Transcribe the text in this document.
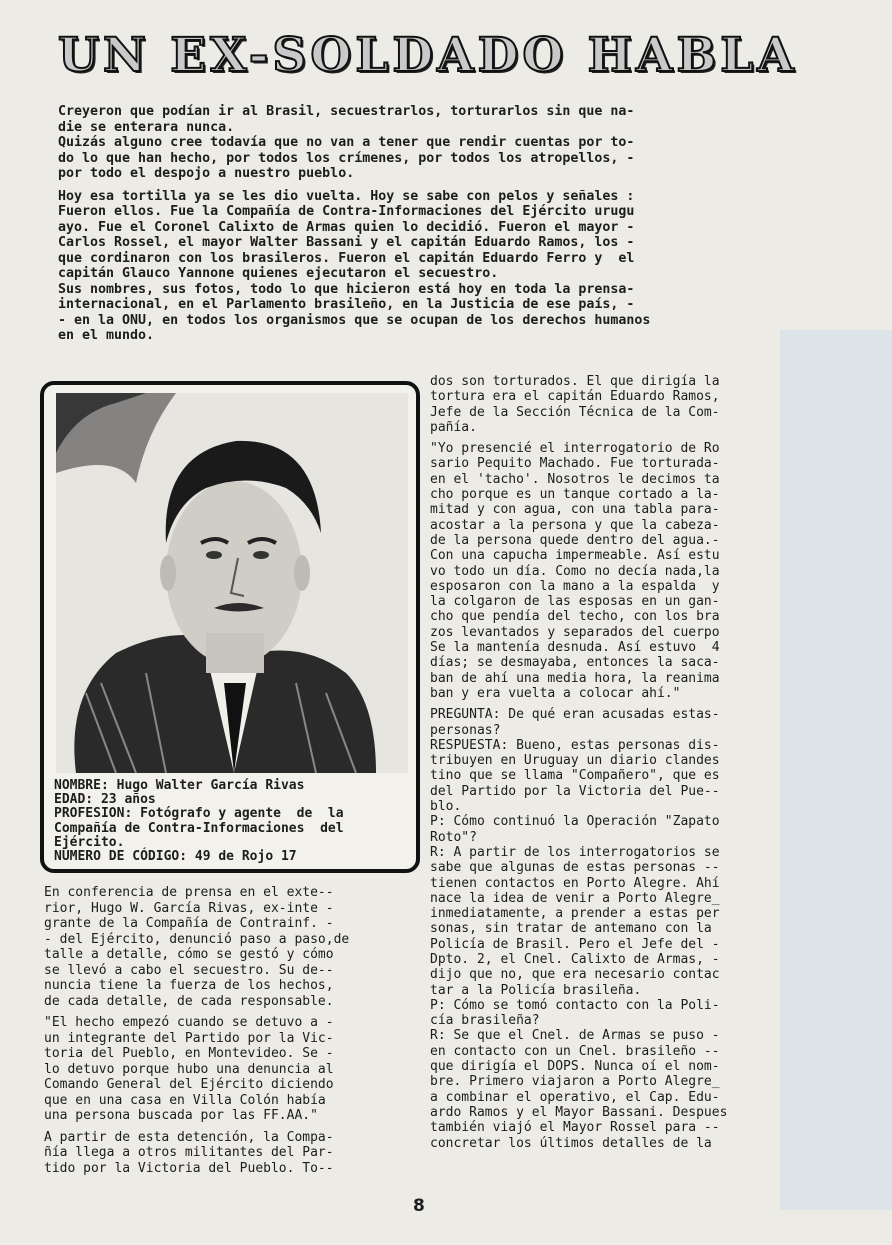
UN EX-SOLDADO HABLA

Creyeron que podían ir al Brasil, secuestrarlos, torturarlos sin que na-
die se enterara nunca.
Quizás alguno cree todavía que no van a tener que rendir cuentas por to-
do lo que han hecho, por todos los crímenes, por todos los atropellos, -
por todo el despojo a nuestro pueblo.

Hoy esa tortilla ya se les dio vuelta. Hoy se sabe con pelos y señales :
Fueron ellos. Fue la Compañía de Contra-Informaciones del Ejército urugu
ayo. Fue el Coronel Calixto de Armas quien lo decidió. Fueron el mayor -
Carlos Rossel, el mayor Walter Bassani y el capitán Eduardo Ramos, los -
que cordinaron con los brasileros. Fueron el capitán Eduardo Ferro y  el
capitán Glauco Yannone quienes ejecutaron el secuestro.
Sus nombres, sus fotos, todo lo que hicieron está hoy en toda la prensa-
internacional, en el Parlamento brasileño, en la Justicia de ese país, -
- en la ONU, en todos los organismos que se ocupan de los derechos humanos
en el mundo.

NOMBRE: Hugo Walter García Rivas
EDAD: 23 años
PROFESION: Fotógrafo y agente  de  la
Compañía de Contra-Informaciones  del
Ejército.
NÚMERO DE CÓDIGO: 49 de Rojo 17

En conferencia de prensa en el exte--
rior, Hugo W. García Rivas, ex-inte -
grante de la Compañía de Contrainf. -
- del Ejército, denunció paso a paso,de
talle a detalle, cómo se gestó y cómo
se llevó a cabo el secuestro. Su de--
nuncia tiene la fuerza de los hechos,
de cada detalle, de cada responsable.

"El hecho empezó cuando se detuvo a -
un integrante del Partido por la Vic-
toria del Pueblo, en Montevideo. Se -
lo detuvo porque hubo una denuncia al
Comando General del Ejército diciendo
que en una casa en Villa Colón había
una persona buscada por las FF.AA."

A partir de esta detención, la Compa-
ñía llega a otros militantes del Par-
tido por la Victoria del Pueblo. To--

dos son torturados. El que dirigía la
tortura era el capitán Eduardo Ramos,
Jefe de la Sección Técnica de la Com-
pañía.

"Yo presencié el interrogatorio de Ro
sario Pequito Machado. Fue torturada-
en el 'tacho'. Nosotros le decimos ta
cho porque es un tanque cortado a la-
mitad y con agua, con una tabla para-
acostar a la persona y que la cabeza-
de la persona quede dentro del agua.-
Con una capucha impermeable. Así estu
vo todo un día. Como no decía nada,la
esposaron con la mano a la espalda  y
la colgaron de las esposas en un gan-
cho que pendía del techo, con los bra
zos levantados y separados del cuerpo
Se la mantenía desnuda. Así estuvo  4
días; se desmayaba, entonces la saca-
ban de ahí una media hora, la reanima
ban y era vuelta a colocar ahí."

PREGUNTA: De qué eran acusadas estas-
personas?
RESPUESTA: Bueno, estas personas dis-
tribuyen en Uruguay un diario clandes
tino que se llama "Compañero", que es
del Partido por la Victoria del Pue--
blo.
P: Cómo continuó la Operación "Zapato
Roto"?
R: A partir de los interrogatorios se
sabe que algunas de estas personas --
tienen contactos en Porto Alegre. Ahí
nace la idea de venir a Porto Alegre_
inmediatamente, a prender a estas per
sonas, sin tratar de antemano con la
Policía de Brasil. Pero el Jefe del -
Dpto. 2, el Cnel. Calixto de Armas, -
dijo que no, que era necesario contac
tar a la Policía brasileña.
P: Cómo se tomó contacto con la Poli-
cía brasileña?
R: Se que el Cnel. de Armas se puso -
en contacto con un Cnel. brasileño --
que dirigía el DOPS. Nunca oí el nom-
bre. Primero viajaron a Porto Alegre_
a combinar el operativo, el Cap. Edu-
ardo Ramos y el Mayor Bassani. Despues
también viajó el Mayor Rossel para --
concretar los últimos detalles de la

8
